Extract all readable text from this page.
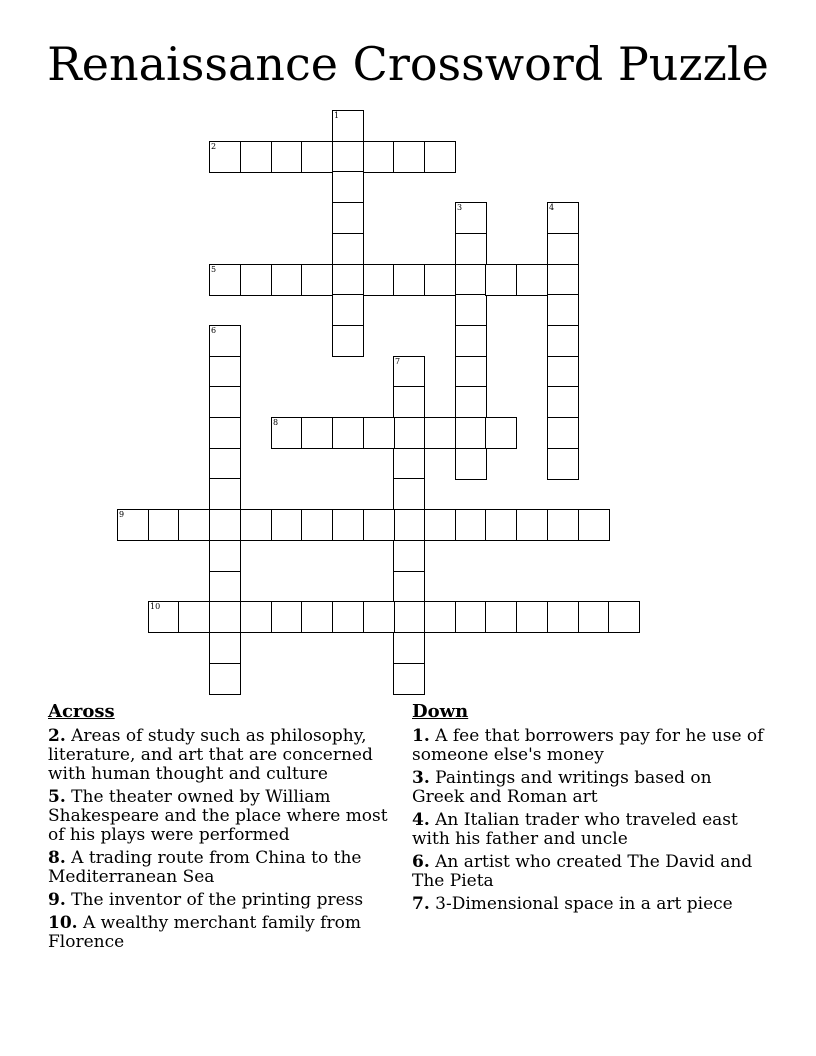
Renaissance Crossword Puzzle
1
2
3	4
5
6
7
8
9
10
Across
2. Areas of study such as philosophy, literature, and art that are concerned with human thought and culture
5. The theater owned by William Shakespeare and the place where most of his plays were performed
8. A trading route from China to the Mediterranean Sea
9. The inventor of the printing press
10. A wealthy merchant family from Florence
Down
1. A fee that borrowers pay for he use of someone else's money
3. Paintings and writings based on Greek and Roman art
4. An Italian trader who traveled east with his father and uncle
6. An artist who created The David and The Pieta
7. 3-Dimensional space in a art piece
